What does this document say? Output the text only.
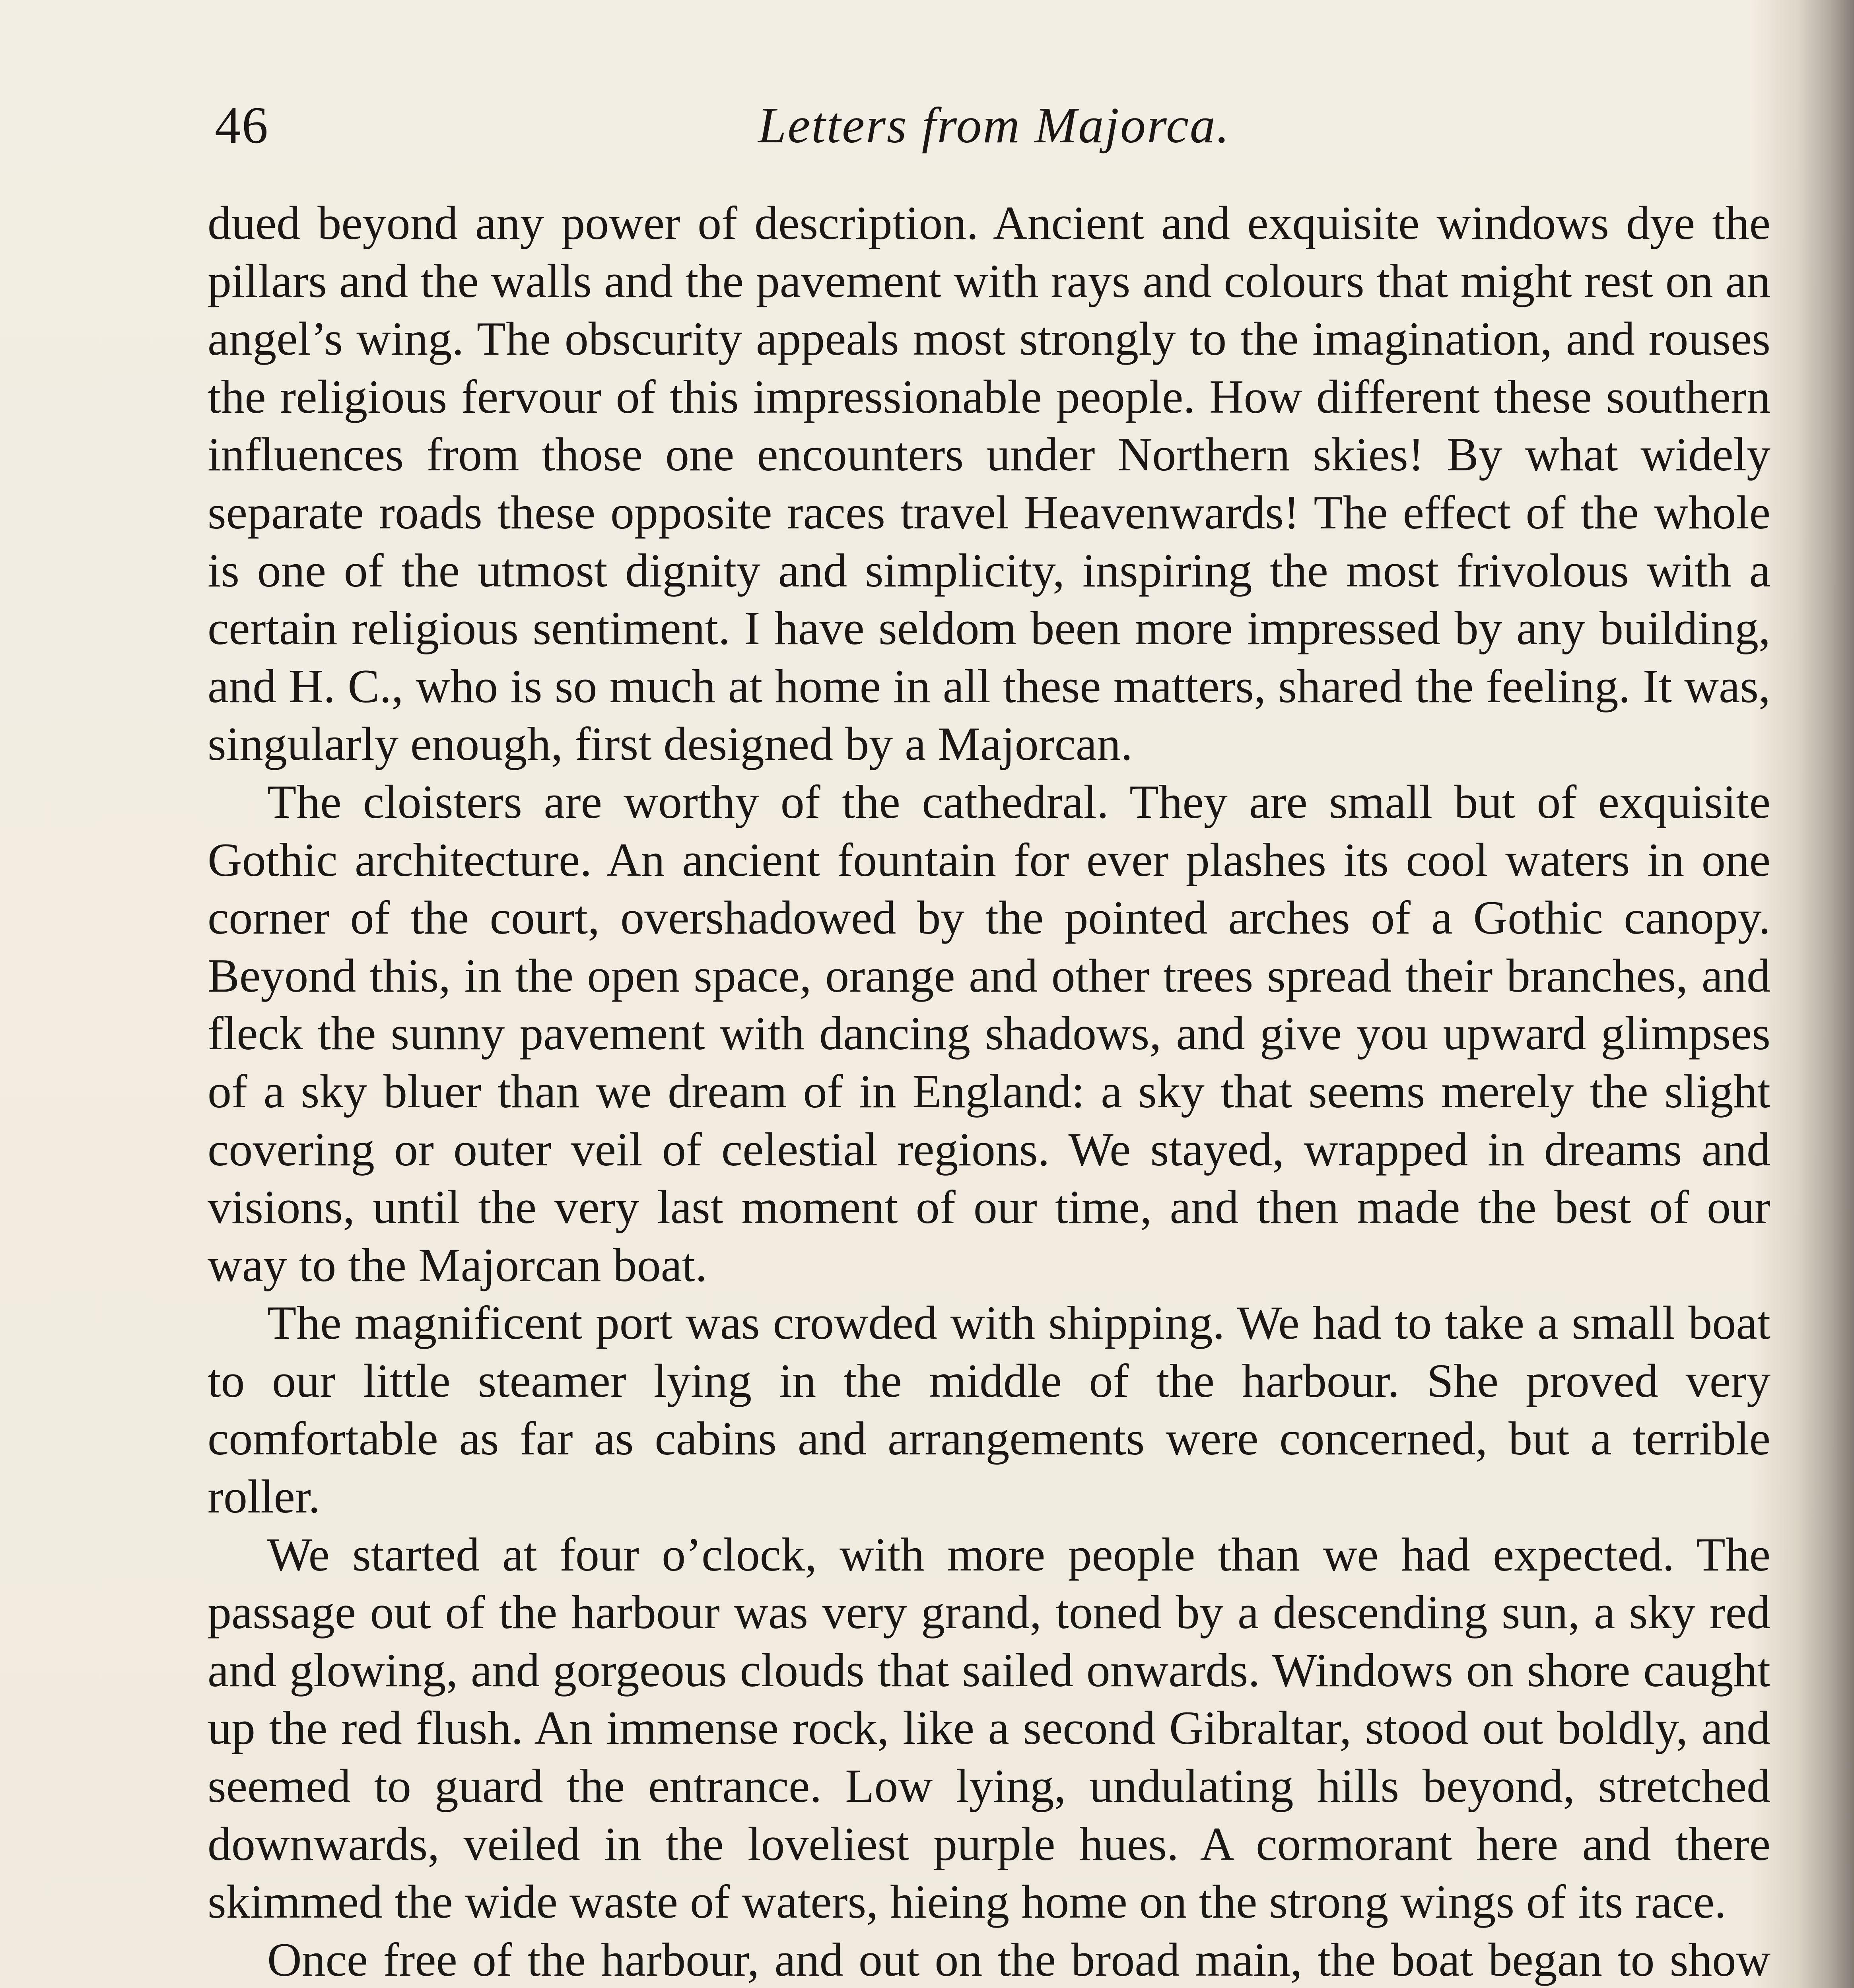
46	Letters from Majorca.

dued beyond any power of description. Ancient and exquisite windows dye the pillars and the walls and the pavement with rays and colours that might rest on an angel’s wing. The obscurity appeals most strongly to the imagination, and rouses the religious fervour of this impressionable people. How different these southern influences from those one encounters under Northern skies! By what widely separate roads these opposite races travel Heavenwards! The effect of the whole is one of the utmost dignity and simplicity, inspiring the most frivolous with a certain religious sentiment. I have seldom been more impressed by any building, and H. C., who is so much at home in all these matters, shared the feeling. It was, singularly enough, first designed by a Majorcan.

The cloisters are worthy of the cathedral. They are small but of exquisite Gothic architecture. An ancient fountain for ever plashes its cool waters in one corner of the court, overshadowed by the pointed arches of a Gothic canopy. Beyond this, in the open space, orange and other trees spread their branches, and fleck the sunny pavement with dancing shadows, and give you upward glimpses of a sky bluer than we dream of in England: a sky that seems merely the slight covering or outer veil of celestial regions. We stayed, wrapped in dreams and visions, until the very last moment of our time, and then made the best of our way to the Majorcan boat.

The magnificent port was crowded with shipping. We had to take a small boat to our little steamer lying in the middle of the harbour. She proved very comfortable as far as cabins and arrangements were concerned, but a terrible roller.

We started at four o’clock, with more people than we had expected. The passage out of the harbour was very grand, toned by a descending sun, a sky red and glowing, and gorgeous clouds that sailed onwards. Windows on shore caught up the red flush. An immense rock, like a second Gibraltar, stood out boldly, and seemed to guard the entrance. Low lying, undulating hills beyond, stretched downwards, veiled in the loveliest purple hues. A cormorant here and there skimmed the wide waste of waters, hieing home on the strong wings of its race.

Once free of the harbour, and out on the broad main, the boat began to show
